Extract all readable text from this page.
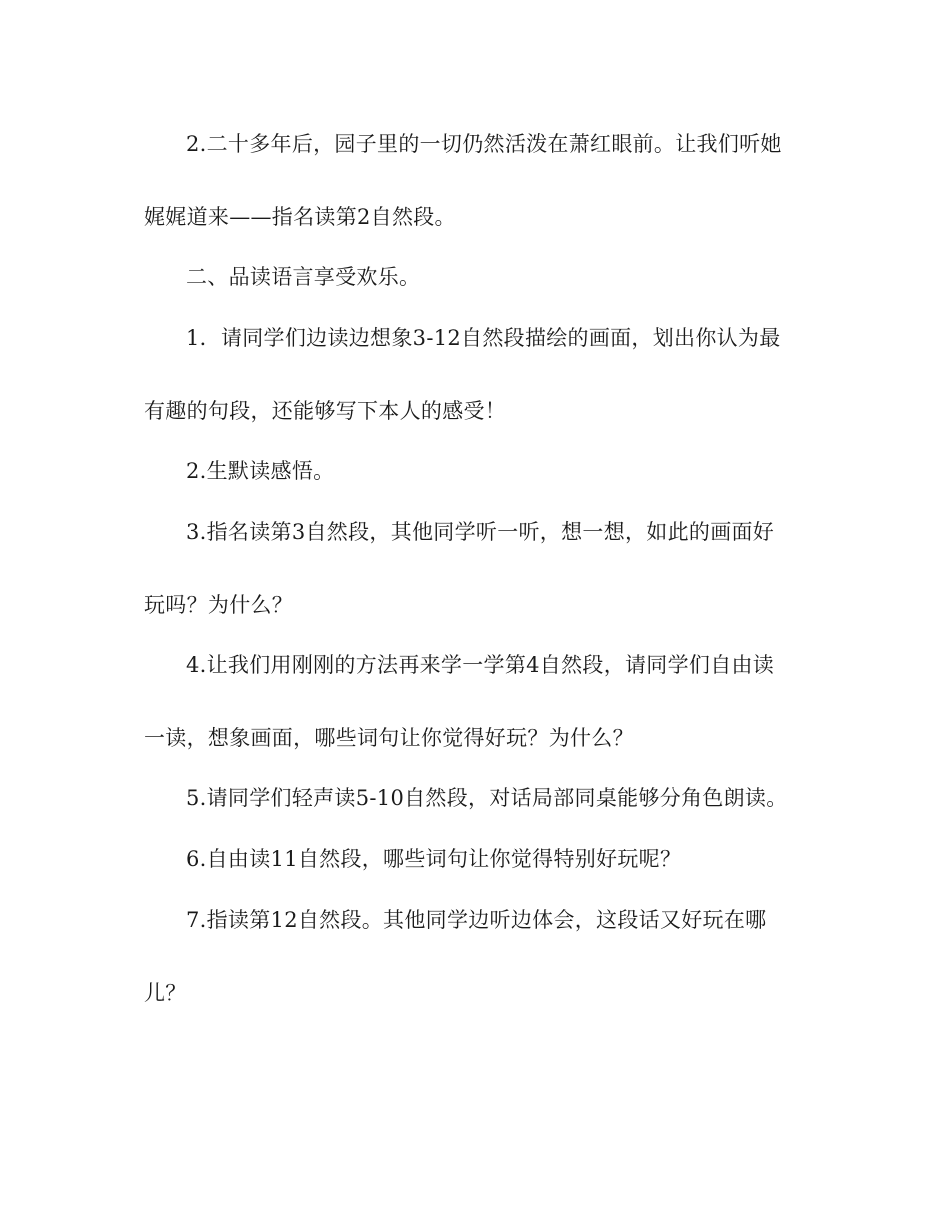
2.二十多年后，园子里的一切仍然活泼在萧红眼前。让我们听她

娓娓道来——指名读第2自然段。

二、品读语言享受欢乐。

1．请同学们边读边想象3-12自然段描绘的画面，划出你认为最

有趣的句段，还能够写下本人的感受！

2.生默读感悟。

3.指名读第3自然段，其他同学听一听，想一想，如此的画面好

玩吗？为什么？

4.让我们用刚刚的方法再来学一学第4自然段，请同学们自由读

一读，想象画面，哪些词句让你觉得好玩？为什么？

5.请同学们轻声读5-10自然段，对话局部同桌能够分角色朗读。

6.自由读11自然段，哪些词句让你觉得特别好玩呢？

7.指读第12自然段。其他同学边听边体会，这段话又好玩在哪

儿？
